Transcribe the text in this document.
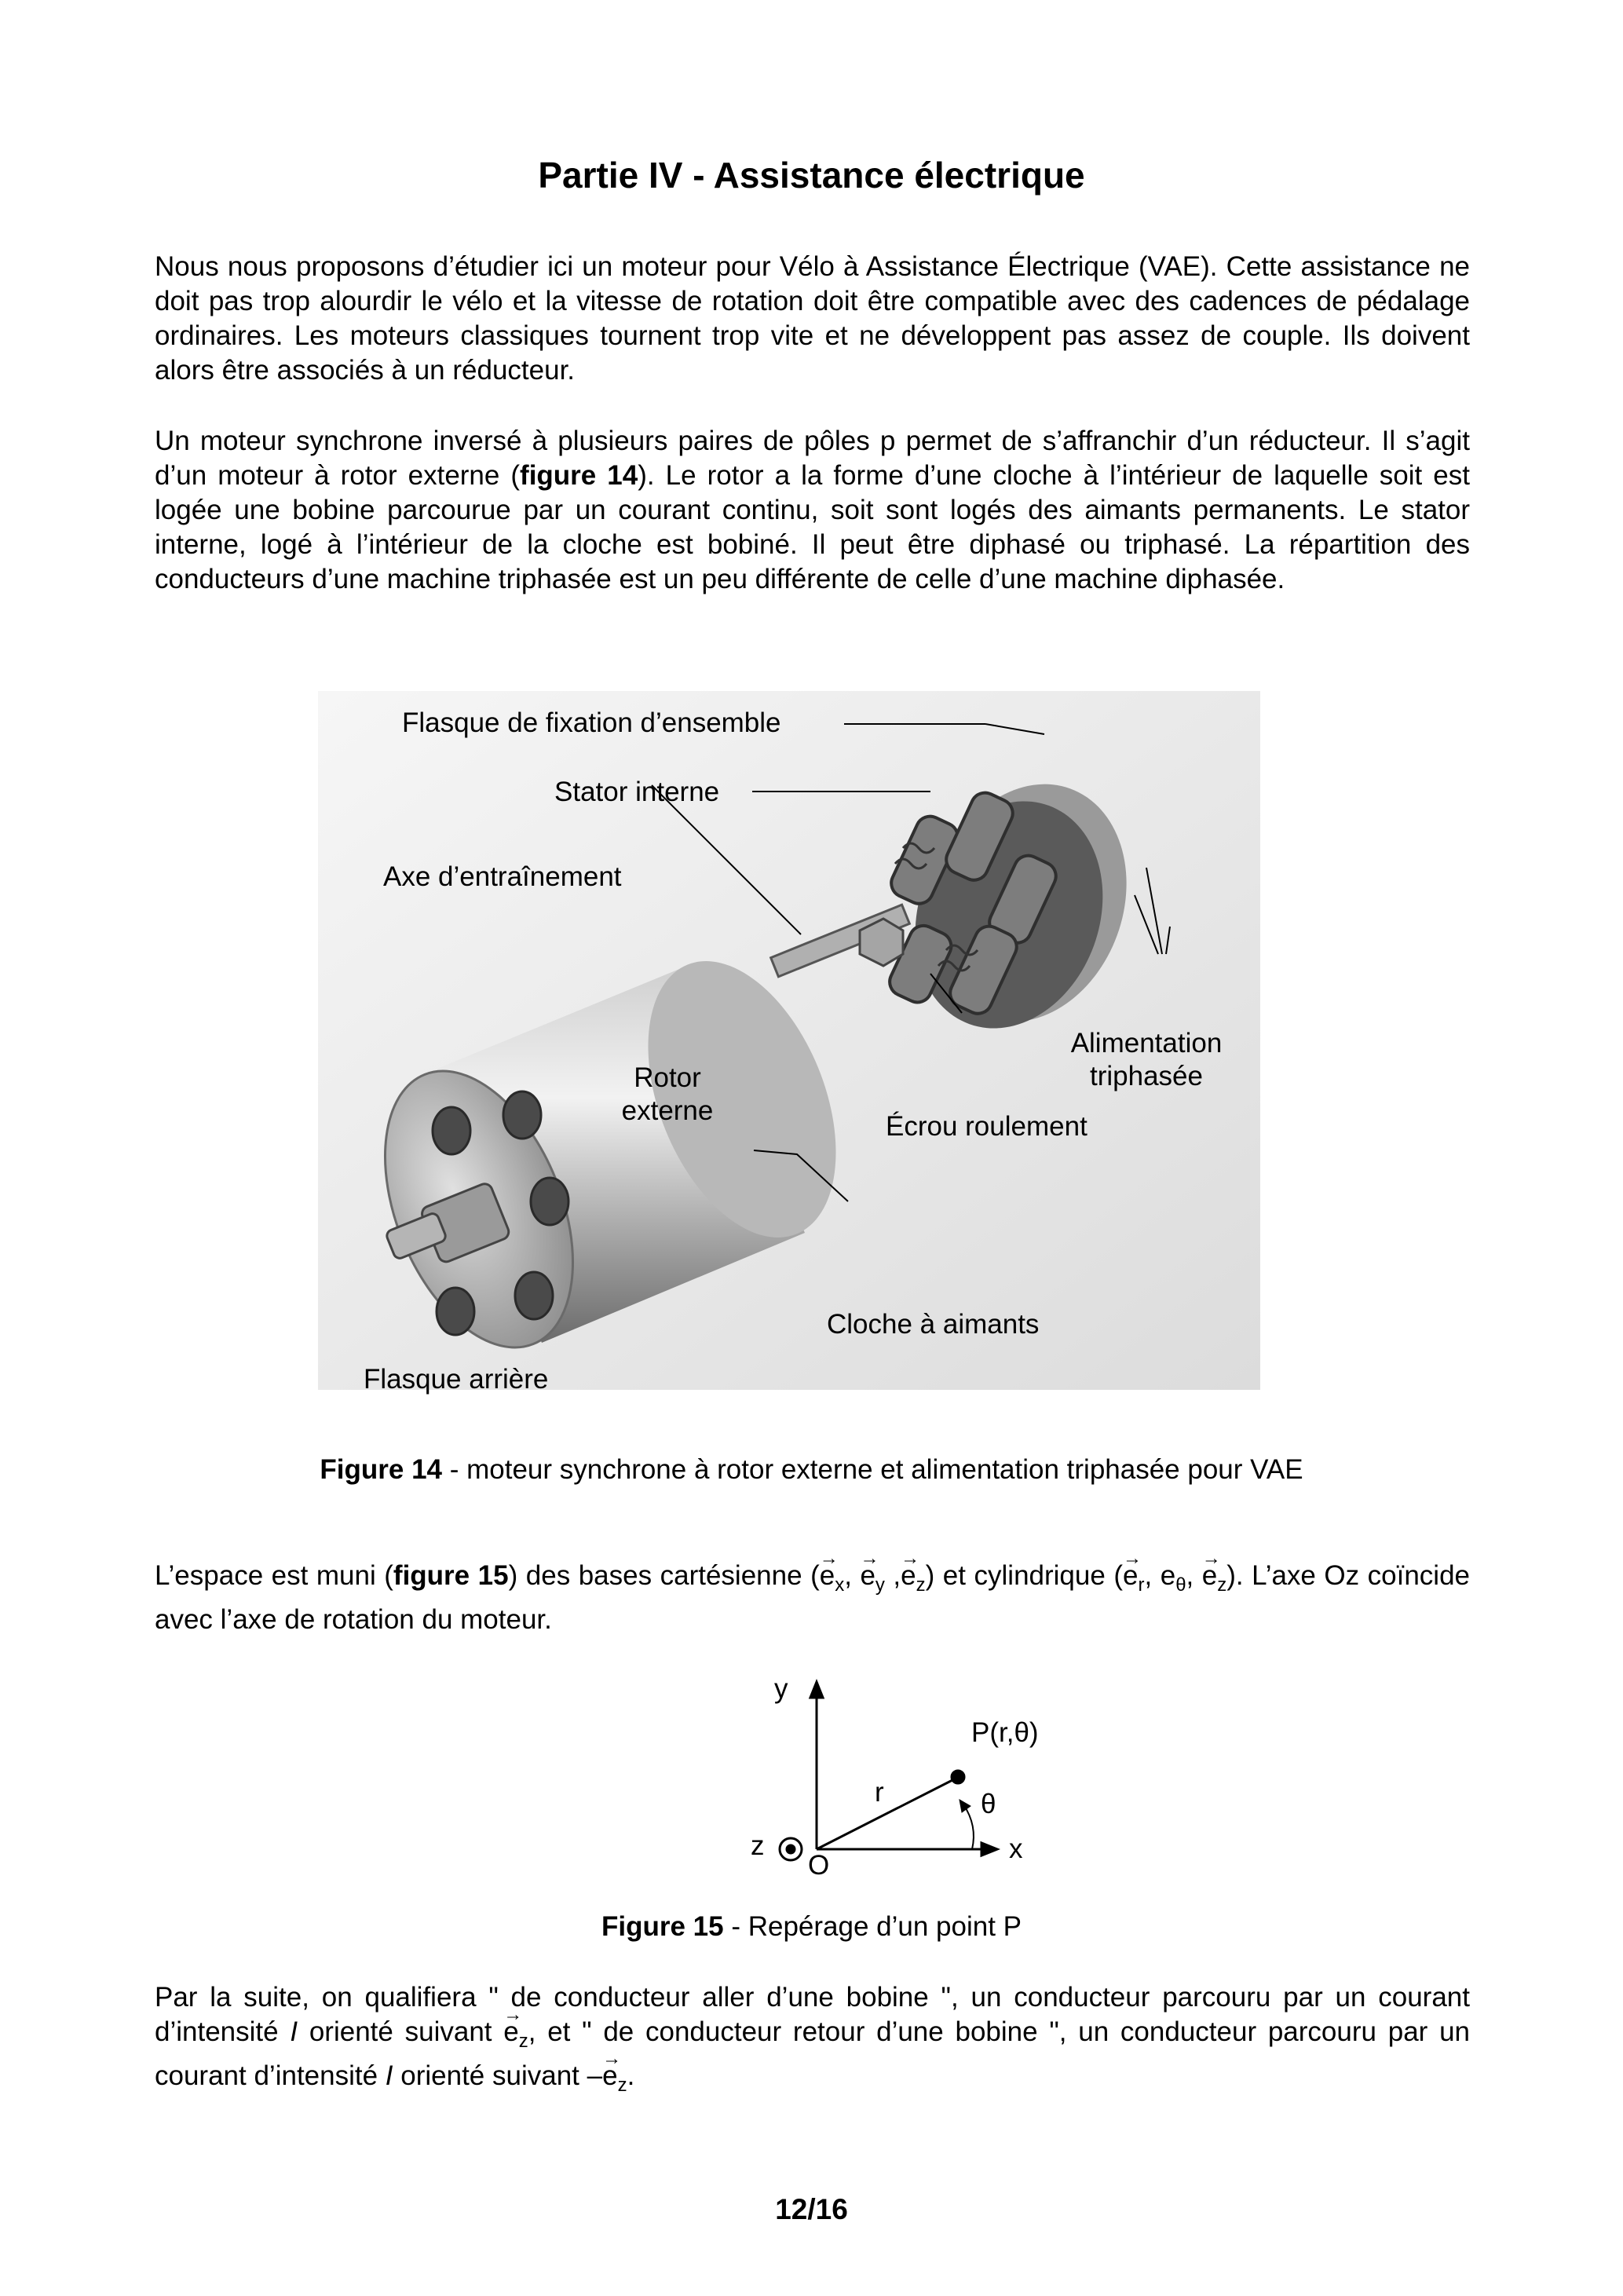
Partie IV - Assistance électrique

Nous nous proposons d’étudier ici un moteur pour Vélo à Assistance Électrique (VAE). Cette assistance ne doit pas trop alourdir le vélo et la vitesse de rotation doit être compatible avec des cadences de pédalage ordinaires. Les moteurs classiques tournent trop vite et ne développent pas assez de couple. Ils doivent alors être associés à un réducteur.

Un moteur synchrone inversé à plusieurs paires de pôles p permet de s’affranchir d’un réducteur. Il s’agit d’un moteur à rotor externe (figure 14). Le rotor a la forme d’une cloche à l’intérieur de laquelle soit est logée une bobine parcourue par un courant continu, soit sont logés des aimants permanents. Le stator interne, logé à l’intérieur de la cloche est bobiné. Il peut être diphasé ou triphasé. La répartition des conducteurs d’une machine triphasée est un peu différente de celle d’une machine diphasée.

Flasque de fixation d’ensemble
Stator interne
Axe d’entraînement
Alimentation
triphasée
Rotor
externe
Écrou roulement
Cloche à aimants
Flasque arrière
Figure 14 - moteur synchrone à rotor externe et alimentation triphasée pour VAE

L’espace est muni (figure 15) des bases cartésienne (→ $e_x$, → $e_y$ ,→ $e_z$) et cylindrique (→ $e_r$, $e_\theta$, → $e_z$). L’axe Oz coïncide avec l’axe de rotation du moteur.

y
x
z
O
r	θ
P(r,θ)
Figure 15 - Repérage d’un point P

Par la suite, on qualifiera " de conducteur aller d’une bobine ", un conducteur parcouru par un courant d’intensité I orienté suivant → $e_z$, et " de conducteur retour d’une bobine ", un conducteur parcouru par un courant d’intensité I orienté suivant –→ $e_z$.

12/16
